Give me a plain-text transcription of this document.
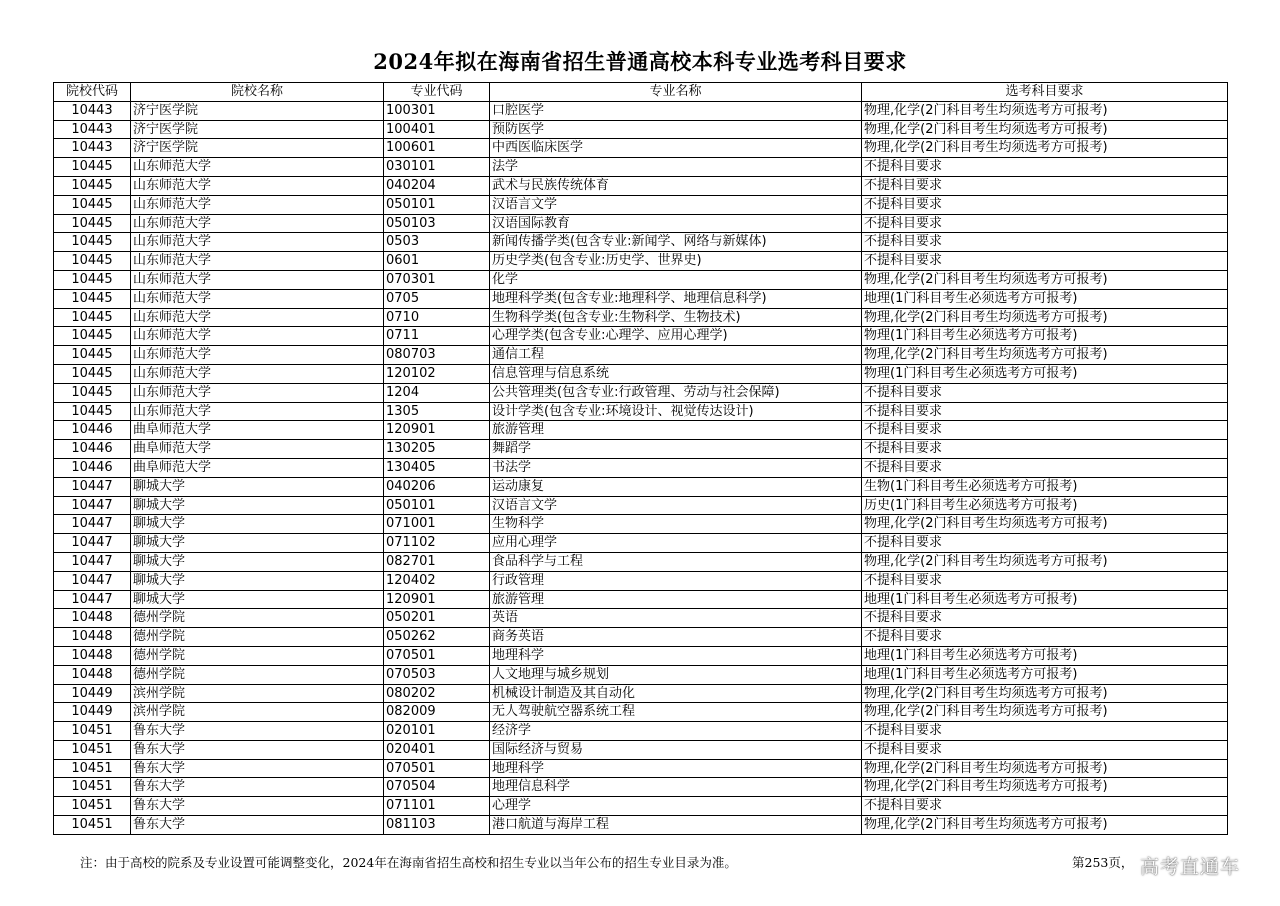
2024年拟在海南省招生普通高校本科专业选考科目要求
院校代码	院校名称	专业代码	专业名称	选考科目要求
10443	济宁医学院	100301	口腔医学	物理,化学(2门科目考生均须选考方可报考)
10443	济宁医学院	100401	预防医学	物理,化学(2门科目考生均须选考方可报考)
10443	济宁医学院	100601	中西医临床医学	物理,化学(2门科目考生均须选考方可报考)
10445	山东师范大学	030101	法学	不提科目要求
10445	山东师范大学	040204	武术与民族传统体育	不提科目要求
10445	山东师范大学	050101	汉语言文学	不提科目要求
10445	山东师范大学	050103	汉语国际教育	不提科目要求
10445	山东师范大学	0503	新闻传播学类(包含专业:新闻学、网络与新媒体)	不提科目要求
10445	山东师范大学	0601	历史学类(包含专业:历史学、世界史)	不提科目要求
10445	山东师范大学	070301	化学	物理,化学(2门科目考生均须选考方可报考)
10445	山东师范大学	0705	地理科学类(包含专业:地理科学、地理信息科学)	地理(1门科目考生必须选考方可报考)
10445	山东师范大学	0710	生物科学类(包含专业:生物科学、生物技术)	物理,化学(2门科目考生均须选考方可报考)
10445	山东师范大学	0711	心理学类(包含专业:心理学、应用心理学)	物理(1门科目考生必须选考方可报考)
10445	山东师范大学	080703	通信工程	物理,化学(2门科目考生均须选考方可报考)
10445	山东师范大学	120102	信息管理与信息系统	物理(1门科目考生必须选考方可报考)
10445	山东师范大学	1204	公共管理类(包含专业:行政管理、劳动与社会保障)	不提科目要求
10445	山东师范大学	1305	设计学类(包含专业:环境设计、视觉传达设计)	不提科目要求
10446	曲阜师范大学	120901	旅游管理	不提科目要求
10446	曲阜师范大学	130205	舞蹈学	不提科目要求
10446	曲阜师范大学	130405	书法学	不提科目要求
10447	聊城大学	040206	运动康复	生物(1门科目考生必须选考方可报考)
10447	聊城大学	050101	汉语言文学	历史(1门科目考生必须选考方可报考)
10447	聊城大学	071001	生物科学	物理,化学(2门科目考生均须选考方可报考)
10447	聊城大学	071102	应用心理学	不提科目要求
10447	聊城大学	082701	食品科学与工程	物理,化学(2门科目考生均须选考方可报考)
10447	聊城大学	120402	行政管理	不提科目要求
10447	聊城大学	120901	旅游管理	地理(1门科目考生必须选考方可报考)
10448	德州学院	050201	英语	不提科目要求
10448	德州学院	050262	商务英语	不提科目要求
10448	德州学院	070501	地理科学	地理(1门科目考生必须选考方可报考)
10448	德州学院	070503	人文地理与城乡规划	地理(1门科目考生必须选考方可报考)
10449	滨州学院	080202	机械设计制造及其自动化	物理,化学(2门科目考生均须选考方可报考)
10449	滨州学院	082009	无人驾驶航空器系统工程	物理,化学(2门科目考生均须选考方可报考)
10451	鲁东大学	020101	经济学	不提科目要求
10451	鲁东大学	020401	国际经济与贸易	不提科目要求
10451	鲁东大学	070501	地理科学	物理,化学(2门科目考生均须选考方可报考)
10451	鲁东大学	070504	地理信息科学	物理,化学(2门科目考生均须选考方可报考)
10451	鲁东大学	071101	心理学	不提科目要求
10451	鲁东大学	081103	港口航道与海岸工程	物理,化学(2门科目考生均须选考方可报考)
注：由于高校的院系及专业设置可能调整变化，2024年在海南省招生高校和招生专业以当年公布的招生专业目录为准。	第253页， 高考直通车
